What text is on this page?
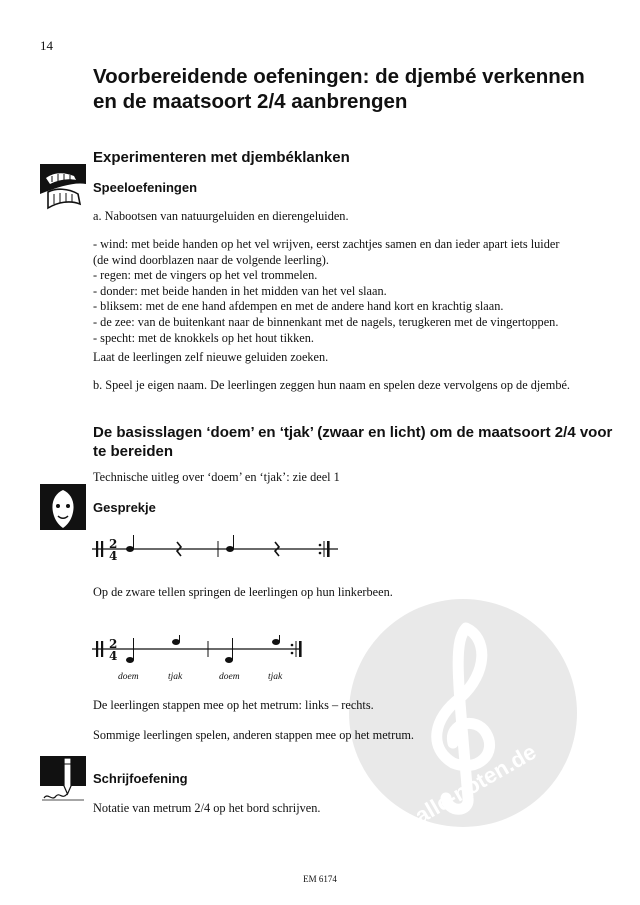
14
Voorbereidende oefeningen: de djembé verkennen
en de maatsoort 2/4 aanbrengen
alle-noten.de
Experimenteren met djembéklanken
Speeloefeningen
a. Nabootsen van natuurgeluiden en dierengeluiden.
- wind: met beide handen op het vel wrijven, eerst zachtjes samen en dan ieder apart iets luider
(de wind doorblazen naar de volgende leerling).
- regen: met de vingers op het vel trommelen.
- donder: met beide handen in het midden van het vel slaan.
- bliksem: met de ene hand afdempen en met de andere hand kort en krachtig slaan.
- de zee: van de buitenkant naar de binnenkant met de nagels, terugkeren met de vingertoppen.
- specht: met de knokkels op het hout tikken.
Laat de leerlingen zelf nieuwe geluiden zoeken.
b. Speel je eigen naam. De leerlingen zeggen hun naam en spelen deze vervolgens op de djembé.
De basisslagen ‘doem’ en ‘tjak’ (zwaar en licht) om de maatsoort 2/4 voor
te bereiden
Technische uitleg over ‘doem’ en ‘tjak’: zie deel 1
Gesprekje
2
4
Op de zware tellen springen de leerlingen op hun linkerbeen.
2
4
doem	tjak	doem	tjak
De leerlingen stappen mee op het metrum: links – rechts.
Sommige leerlingen spelen, anderen stappen mee op het metrum.
Schrijfoefening
Notatie van metrum 2/4 op het bord schrijven.
EM 6174
